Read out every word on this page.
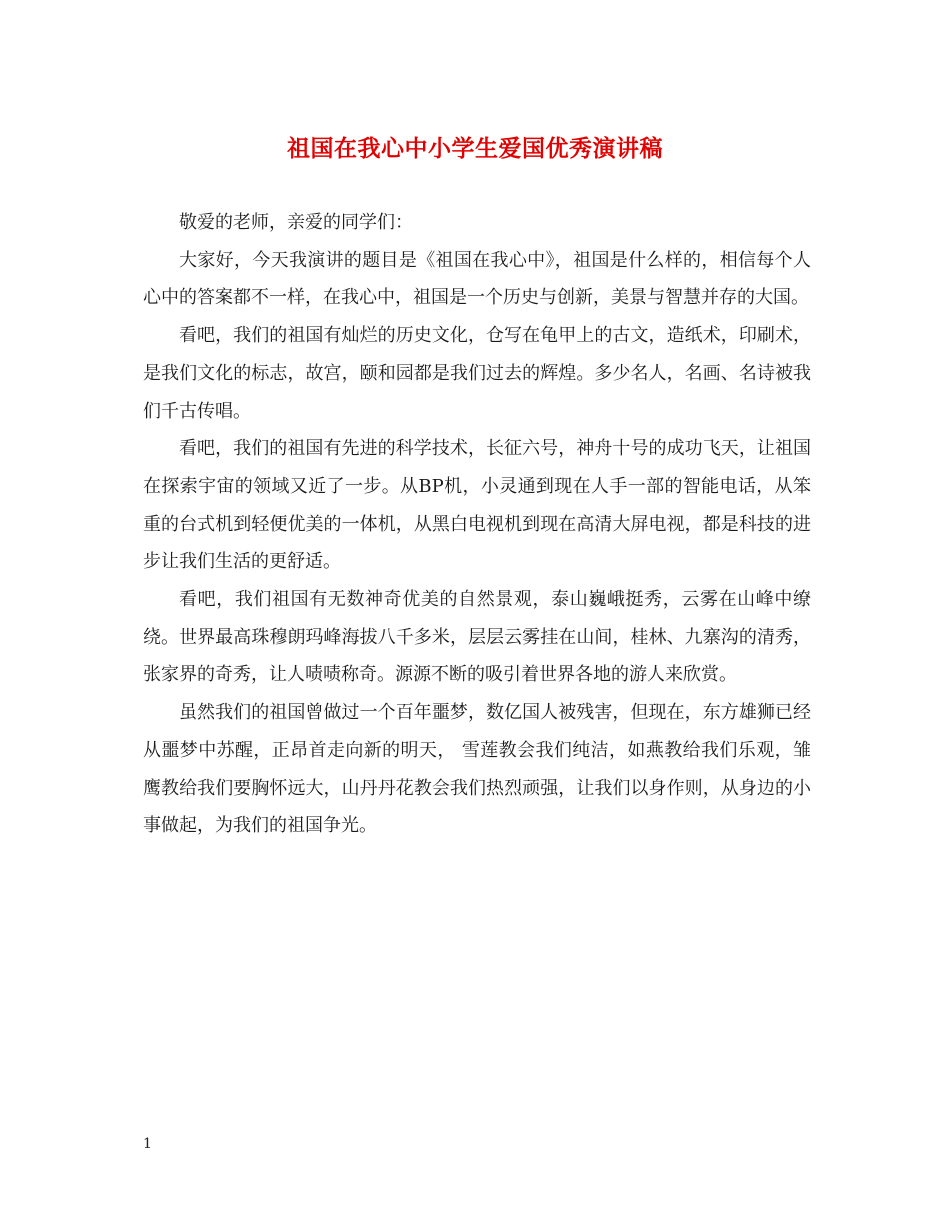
祖国在我心中小学生爱国优秀演讲稿

敬爱的老师，亲爱的同学们：

大家好，今天我演讲的题目是《祖国在我心中》，祖国是什么样的，相信每个人心中的答案都不一样，在我心中，祖国是一个历史与创新，美景与智慧并存的大国。

看吧，我们的祖国有灿烂的历史文化，仓写在龟甲上的古文，造纸术，印刷术，是我们文化的标志，故宫，颐和园都是我们过去的辉煌。多少名人，名画、名诗被我们千古传唱。

看吧，我们的祖国有先进的科学技术，长征六号，神舟十号的成功飞天，让祖国在探索宇宙的领域又近了一步。从BP机，小灵通到现在人手一部的智能电话，从笨重的台式机到轻便优美的一体机，从黑白电视机到现在高清大屏电视，都是科技的进步让我们生活的更舒适。

看吧，我们祖国有无数神奇优美的自然景观，泰山巍峨挺秀，云雾在山峰中缭绕。世界最高珠穆朗玛峰海拔八千多米，层层云雾挂在山间，桂林、九寨沟的清秀，张家界的奇秀，让人啧啧称奇。源源不断的吸引着世界各地的游人来欣赏。

虽然我们的祖国曾做过一个百年噩梦，数亿国人被残害，但现在，东方雄狮已经从噩梦中苏醒，正昂首走向新的明天， 雪莲教会我们纯洁，如燕教给我们乐观，雏鹰教给我们要胸怀远大，山丹丹花教会我们热烈顽强，让我们以身作则，从身边的小事做起，为我们的祖国争光。

1
